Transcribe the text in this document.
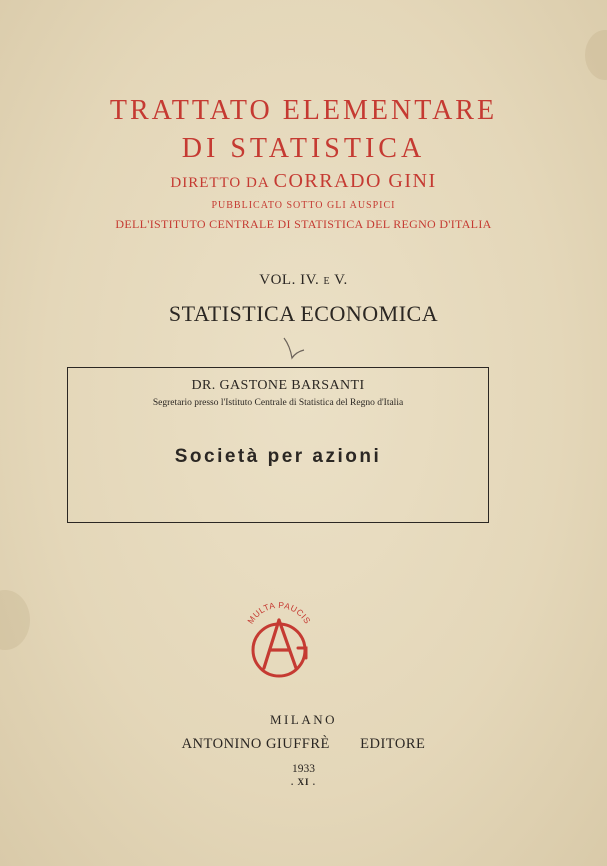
TRATTATO ELEMENTARE
DI STATISTICA
DIRETTO DA CORRADO GINI
PUBBLICATO SOTTO GLI AUSPICI
DELL'ISTITUTO CENTRALE DI STATISTICA DEL REGNO D'ITALIA
VOL. IV. E V.
STATISTICA ECONOMICA
DR. GASTONE BARSANTI
Segretario presso l'Istituto Centrale di Statistica del Regno d'Italia
Società per azioni
MULTA PAUCIS
MILANO
ANTONINO GIUFFRÈ EDITORE
1933
. XI .
